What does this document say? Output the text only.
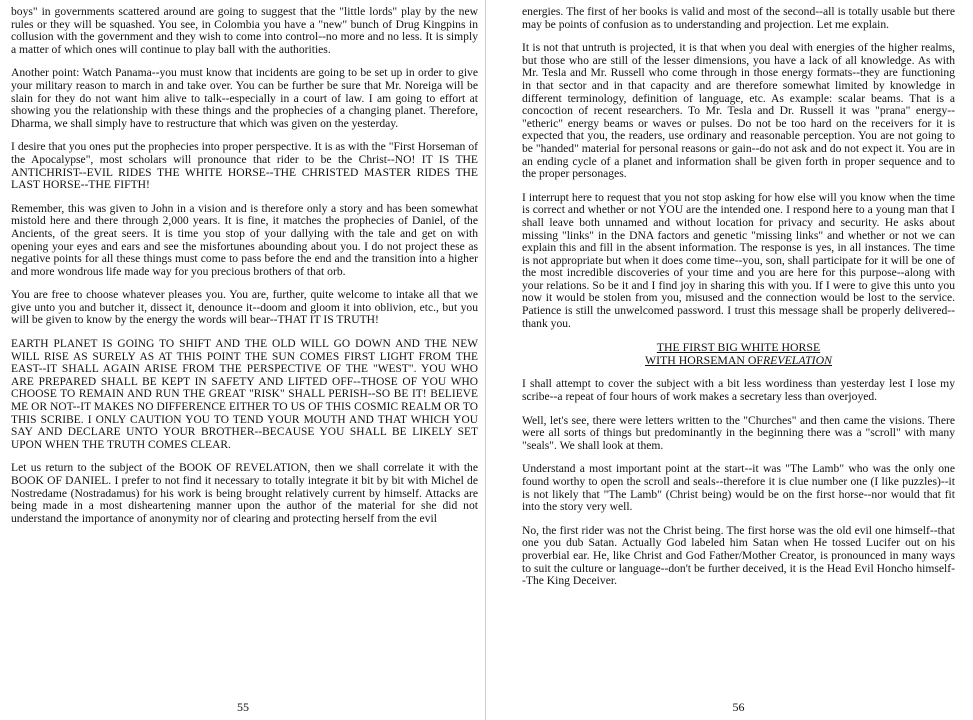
boys" in governments scattered around are going to suggest that the "little lords" play by the new rules or they will be squashed. You see, in Colombia you have a "new" bunch of Drug Kingpins in collusion with the government and they wish to come into control--no more and no less. It is simply a matter of which ones will continue to play ball with the authorities.

Another point: Watch Panama--you must know that incidents are going to be set up in order to give your military reason to march in and take over. You can be further be sure that Mr. Noreiga will be slain for they do not want him alive to talk--especially in a court of law. I am going to effort at showing you the relationship with these things and the prophecies of a changing planet. Therefore, Dharma, we shall simply have to restructure that which was given on the yesterday.

I desire that you ones put the prophecies into proper perspective. It is as with the "First Horseman of the Apocalypse", most scholars will pronounce that rider to be the Christ--NO! IT IS THE ANTICHRIST--EVIL RIDES THE WHITE HORSE--THE CHRISTED MASTER RIDES THE LAST HORSE--THE FIFTH!

Remember, this was given to John in a vision and is therefore only a story and has been somewhat mistold here and there through 2,000 years. It is fine, it matches the prophecies of Daniel, of the Ancients, of the great seers. It is time you stop of your dallying with the tale and get on with opening your eyes and ears and see the misfortunes abounding about you. I do not project these as negative points for all these things must come to pass before the end and the transition into a higher and more wondrous life made way for you precious brothers of that orb.

You are free to choose whatever pleases you. You are, further, quite welcome to intake all that we give unto you and butcher it, dissect it, denounce it--doom and gloom it into oblivion, etc., but you will be given to know by the energy the words will bear--THAT IT IS TRUTH!

EARTH PLANET IS GOING TO SHIFT AND THE OLD WILL GO DOWN AND THE NEW WILL RISE AS SURELY AS AT THIS POINT THE SUN COMES FIRST LIGHT FROM THE EAST--IT SHALL AGAIN ARISE FROM THE PERSPECTIVE OF THE "WEST". YOU WHO ARE PREPARED SHALL BE KEPT IN SAFETY AND LIFTED OFF--THOSE OF YOU WHO CHOOSE TO REMAIN AND RUN THE GREAT "RISK" SHALL PERISH--SO BE IT! BELIEVE ME OR NOT--IT MAKES NO DIFFERENCE EITHER TO US OF THIS COSMIC REALM OR TO THIS SCRIBE. I ONLY CAUTION YOU TO TEND YOUR MOUTH AND THAT WHICH YOU SAY AND DECLARE UNTO YOUR BROTHER--BECAUSE YOU SHALL BE LIKELY SET UPON WHEN THE TRUTH COMES CLEAR.

Let us return to the subject of the BOOK OF REVELATION, then we shall correlate it with the BOOK OF DANIEL. I prefer to not find it necessary to totally integrate it bit by bit with Michel de Nostredame (Nostradamus) for his work is being brought relatively current by himself. Attacks are being made in a most disheartening manner upon the author of the material for she did not understand the importance of anonymity nor of clearing and protecting herself from the evil

55

energies. The first of her books is valid and most of the second--all is totally usable but there may be points of confusion as to understanding and projection. Let me explain.

It is not that untruth is projected, it is that when you deal with energies of the higher realms, but those who are still of the lesser dimensions, you have a lack of all knowledge. As with Mr. Tesla and Mr. Russell who come through in those energy formats--they are functioning in that sector and in that capacity and are therefore somewhat limited by knowledge in different terminology, definition of language, etc. As example: scalar beams. That is a concoction of recent researchers. To Mr. Tesla and Dr. Russell it was "prana" energy--"etheric" energy beams or waves or pulses. Do not be too hard on the receivers for it is expected that you, the readers, use ordinary and reasonable perception. You are not going to be "handed" material for personal reasons or gain--do not ask and do not expect it. You are in an ending cycle of a planet and information shall be given forth in proper sequence and to the proper personages.

I interrupt here to request that you not stop asking for how else will you know when the time is correct and whether or not YOU are the intended one. I respond here to a young man that I shall leave both unnamed and without location for privacy and security. He asks about missing "links" in the DNA factors and genetic "missing links" and whether or not we can explain this and fill in the absent information. The response is yes, in all instances. The time is not appropriate but when it does come time--you, son, shall participate for it will be one of the most incredible discoveries of your time and you are here for this purpose--along with your relations. So be it and I find joy in sharing this with you. If I were to give this unto you now it would be stolen from you, misused and the connection would be lost to the service. Patience is still the unwelcomed password. I trust this message shall be properly delivered--thank you.

THE FIRST BIG WHITE HORSE
WITH HORSEMAN OFREVELATION

I shall attempt to cover the subject with a bit less wordiness than yesterday lest I lose my scribe--a repeat of four hours of work makes a secretary less than overjoyed.

Well, let's see, there were letters written to the "Churches" and then came the visions. There were all sorts of things but predominantly in the beginning there was a "scroll" with many "seals". We shall look at them.

Understand a most important point at the start--it was "The Lamb" who was the only one found worthy to open the scroll and seals--therefore it is clue number one (I like puzzles)--it is not likely that "The Lamb" (Christ being) would be on the first horse--nor would that fit into the story very well.

No, the first rider was not the Christ being. The first horse was the old evil one himself--that one you dub Satan. Actually God labeled him Satan when He tossed Lucifer out on his proverbial ear. He, like Christ and God Father/Mother Creator, is pronounced in many ways to suit the culture or language--don't be further deceived, it is the Head Evil Honcho himself--The King Deceiver.

56
